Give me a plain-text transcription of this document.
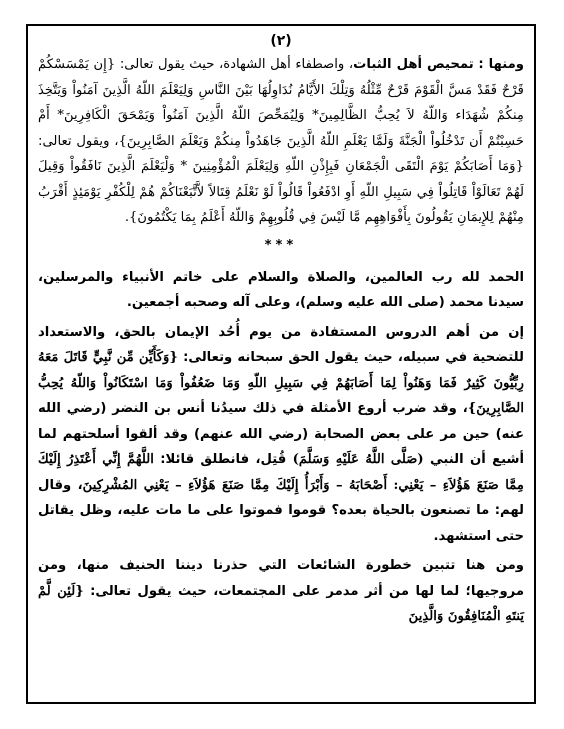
(٢)

ومنها : تمحيص أهل الثبات، واصطفاء أهل الشهادة، حيث يقول تعالى: {إِن يَمْسَسْكُمْ قَرْحٌ فَقَدْ مَسَّ الْقَوْمَ قَرْحٌ مِّثْلُهُ وَتِلْكَ الأَيَّامُ نُدَاوِلُهَا بَيْنَ النَّاسِ وَلِيَعْلَمَ اللّهُ الَّذِينَ آمَنُواْ وَيَتَّخِذَ مِنكُمْ شُهَدَاء وَاللّهُ لاَ يُحِبُّ الظَّالِمِينَ* وَلِيُمَحِّصَ اللّهُ الَّذِينَ آمَنُواْ وَيَمْحَقَ الْكَافِرِينَ* أَمْ حَسِبْتُمْ أَن تَدْخُلُواْ الْجَنَّةَ وَلَمَّا يَعْلَمِ اللّهُ الَّذِينَ جَاهَدُواْ مِنكُمْ وَيَعْلَمَ الصَّابِرِينَ}، ويقول تعالى: {وَمَا أَصَابَكُمْ يَوْمَ الْتَقَى الْجَمْعَانِ فَبِإِذْنِ اللّهِ وَلِيَعْلَمَ الْمُؤْمِنِينَ * وَلْيَعْلَمَ الَّذِينَ نَافَقُواْ وَقِيلَ لَهُمْ تَعَالَوْاْ قَاتِلُواْ فِي سَبِيلِ اللّهِ أَوِ ادْفَعُواْ قَالُواْ لَوْ نَعْلَمُ قِتَالاً لاَّتَّبَعْنَاكُمْ هُمْ لِلْكُفْرِ يَوْمَئِذٍ أَقْرَبُ مِنْهُمْ لِلإِيمَانِ يَقُولُونَ بِأَفْوَاهِهِم مَّا لَيْسَ فِي قُلُوبِهِمْ وَاللّهُ أَعْلَمُ بِمَا يَكْتُمُونَ}.

***

الحمد لله رب العالمين، والصلاة والسلام على خاتم الأنبياء والمرسلين، سيدنا محمد (صلى الله عليه وسلم)، وعلى آله وصحبه أجمعين.

إن من أهم الدروس المستفادة من يوم أُحُد الإيمان بالحق، والاستعداد للتضحية في سبيله، حيث يقول الحق سبحانه وتعالى: {وَكَأَيِّن مِّن نَّبِيٍّ قَاتَلَ مَعَهُ رِبِّيُّونَ كَثِيرٌ فَمَا وَهَنُواْ لِمَا أَصَابَهُمْ فِي سَبِيلِ اللّهِ وَمَا ضَعُفُواْ وَمَا اسْتَكَانُواْ وَاللّهُ يُحِبُّ الصَّابِرِينَ}، وقد ضرب أروع الأمثلة في ذلك سيدُنا أنس بن النضر (رضي الله عنه) حين مر على بعض الصحابة (رضي الله عنهم) وقد ألقوا أسلحتهم لما أشيع أن النبي (صَلَّى اللَّهُ عَلَيْهِ وَسَلَّمَ) قُتِل، فانطلق قائلا: اللَّهُمَّ إِنِّي أَعْتَذِرُ إِلَيْكَ مِمَّا صَنَعَ هَؤُلاَءِ – يَعْنِي: أَصْحَابَهُ – وَأَبْرَأُ إِلَيْكَ مِمَّا صَنَعَ هَؤُلاَءِ – يَعْنِي المُشْرِكِينَ، وقال لهم: ما تصنعون بالحياة بعده؟ قوموا فموتوا على ما مات عليه، وظل يقاتل حتى استشهد.

ومن هنا تتبين خطورة الشائعات التي حذرنا ديننا الحنيف منها، ومن مروجيها؛ لما لها من أثر مدمر على المجتمعات، حيث يقول تعالى: {لَئِن لَّمْ يَنتَهِ الْمُنَافِقُونَ وَالَّذِينَ
